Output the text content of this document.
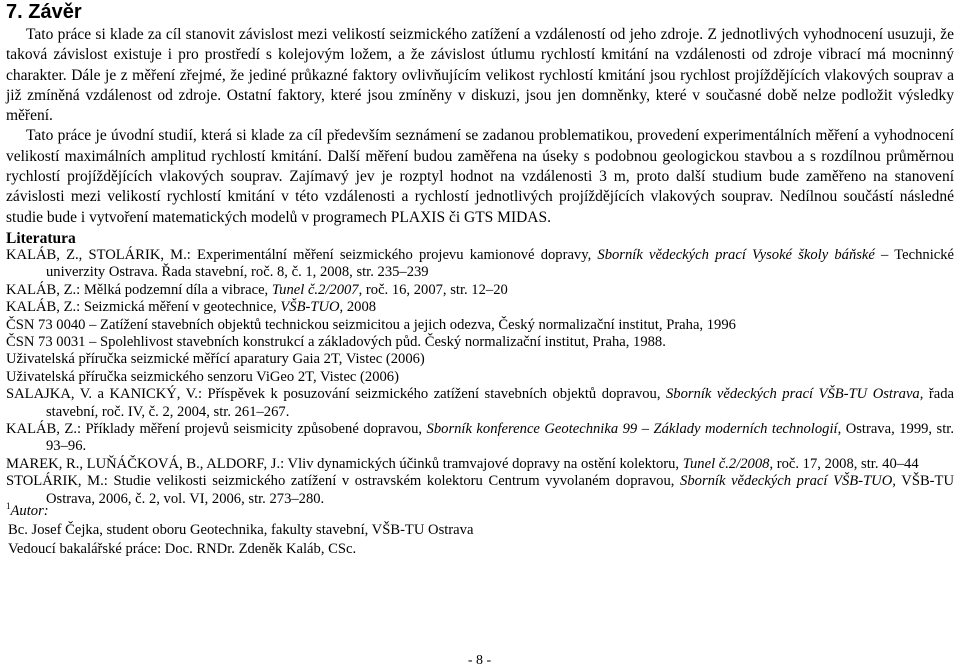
7. Závěr

Tato práce si klade za cíl stanovit závislost mezi velikostí seizmického zatížení a vzdáleností od jeho zdroje. Z jednotlivých vyhodnocení usuzuji, že taková závislost existuje i pro prostředí s kolejovým ložem, a že závislost útlumu rychlostí kmitání na vzdálenosti od zdroje vibrací má mocninný charakter. Dále je z měření zřejmé, že jediné průkazné faktory ovlivňujícím velikost rychlostí kmitání jsou rychlost projíždějících vlakových souprav a již zmíněná vzdálenost od zdroje. Ostatní faktory, které jsou zmíněny v diskuzi, jsou jen domněnky, které v současné době nelze podložit výsledky měření.

Tato práce je úvodní studií, která si klade za cíl především seznámení se zadanou problematikou, provedení experimentálních měření a vyhodnocení velikostí maximálních amplitud rychlostí kmitání. Další měření budou zaměřena na úseky s podobnou geologickou stavbou a s rozdílnou průměrnou rychlostí projíždějících vlakových souprav. Zajímavý jev je rozptyl hodnot na vzdálenosti 3 m, proto další studium bude zaměřeno na stanovení závislosti mezi velikostí rychlostí kmitání v této vzdálenosti a rychlostí jednotlivých projíždějících vlakových souprav. Nedílnou součástí následné studie bude i vytvoření matematických modelů v programech PLAXIS či GTS MIDAS.

Literatura

KALÁB, Z., STOLÁRIK, M.: Experimentální měření seizmického projevu kamionové dopravy, Sborník vědeckých prací Vysoké školy báňské – Technické univerzity Ostrava. Řada stavební, roč. 8, č. 1, 2008, str. 235–239

KALÁB, Z.: Mělká podzemní díla a vibrace, Tunel č.2/2007, roč. 16, 2007, str. 12–20

KALÁB, Z.: Seizmická měření v geotechnice, VŠB-TUO, 2008

ČSN 73 0040 – Zatížení stavebních objektů technickou seizmicitou a jejich odezva, Český normalizační institut, Praha, 1996

ČSN 73 0031 – Spolehlivost stavebních konstrukcí a základových půd. Český normalizační institut, Praha, 1988.

Uživatelská příručka seizmické měřící aparatury Gaia 2T, Vistec (2006)

Uživatelská příručka seizmického senzoru ViGeo 2T, Vistec (2006)

SALAJKA, V. a KANICKÝ, V.: Příspěvek k posuzování seizmického zatížení stavebních objektů dopravou, Sborník vědeckých prací VŠB-TU Ostrava, řada stavební, roč. IV, č. 2, 2004, str. 261–267.

KALÁB, Z.: Příklady měření projevů seismicity způsobené dopravou, Sborník konference Geotechnika 99 – Základy moderních technologií, Ostrava, 1999, str. 93–96.

MAREK, R., LUŇÁČKOVÁ, B., ALDORF, J.: Vliv dynamických účinků tramvajové dopravy na ostění kolektoru, Tunel č.2/2008, roč. 17, 2008, str. 40–44

STOLÁRIK, M.: Studie velikosti seizmického zatížení v ostravském kolektoru Centrum vyvolaném dopravou, Sborník vědeckých prací VŠB-TUO, VŠB-TU Ostrava, 2006, č. 2, vol. VI, 2006, str. 273–280.

$^1$Autor:
Bc. Josef Čejka, student oboru Geotechnika, fakulty stavební, VŠB-TU Ostrava
Vedoucí bakalářské práce: Doc. RNDr. Zdeněk Kaláb, CSc.
- 8 -
